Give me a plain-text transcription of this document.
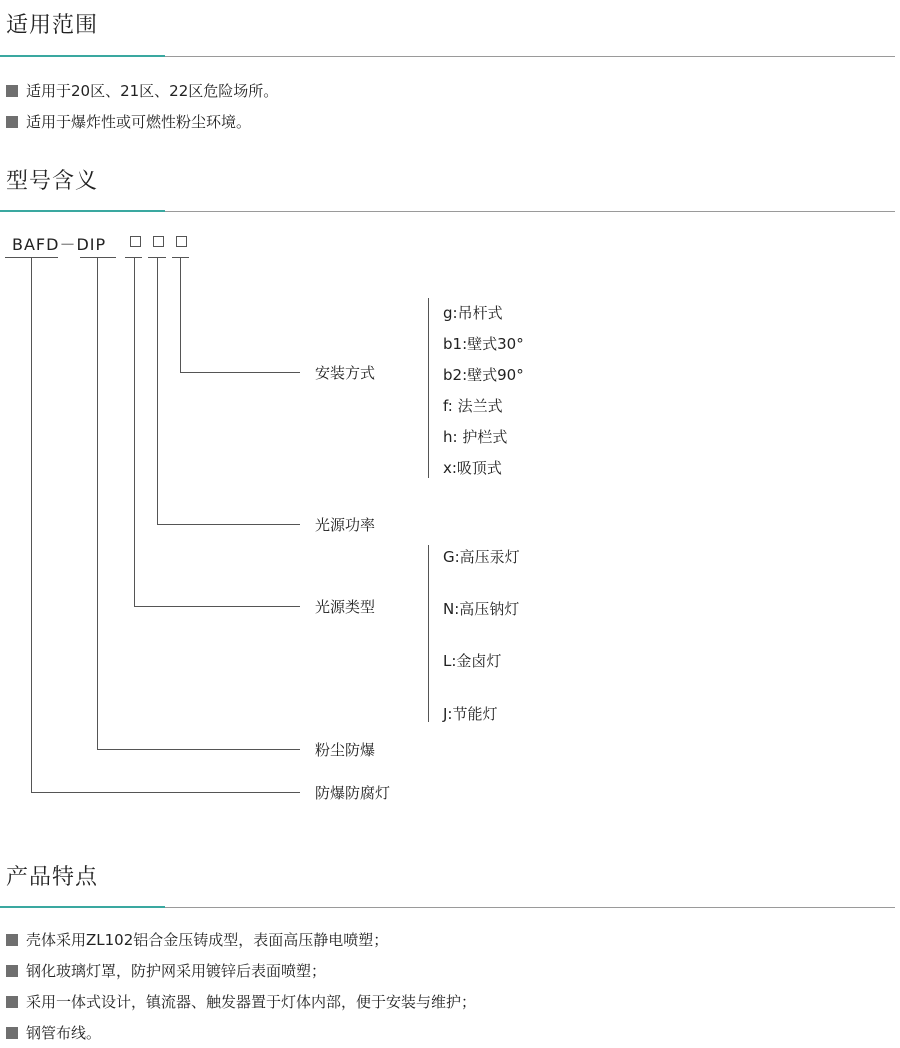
适用范围
适用于20区、21区、22区危险场所。
适用于爆炸性或可燃性粉尘环境。
型号含义
BAFD－DIP
安装方式
光源功率
光源类型
粉尘防爆
防爆防腐灯
g:吊杆式
b1:壁式30°
b2:壁式90°
f: 法兰式
h: 护栏式
x:吸顶式
G:高压汞灯
N:高压钠灯
L:金卤灯
J:节能灯
产品特点
壳体采用ZL102铝合金压铸成型，表面高压静电喷塑；
钢化玻璃灯罩，防护网采用镀锌后表面喷塑；
采用一体式设计，镇流器、触发器置于灯体内部，便于安装与维护；
钢管布线。
